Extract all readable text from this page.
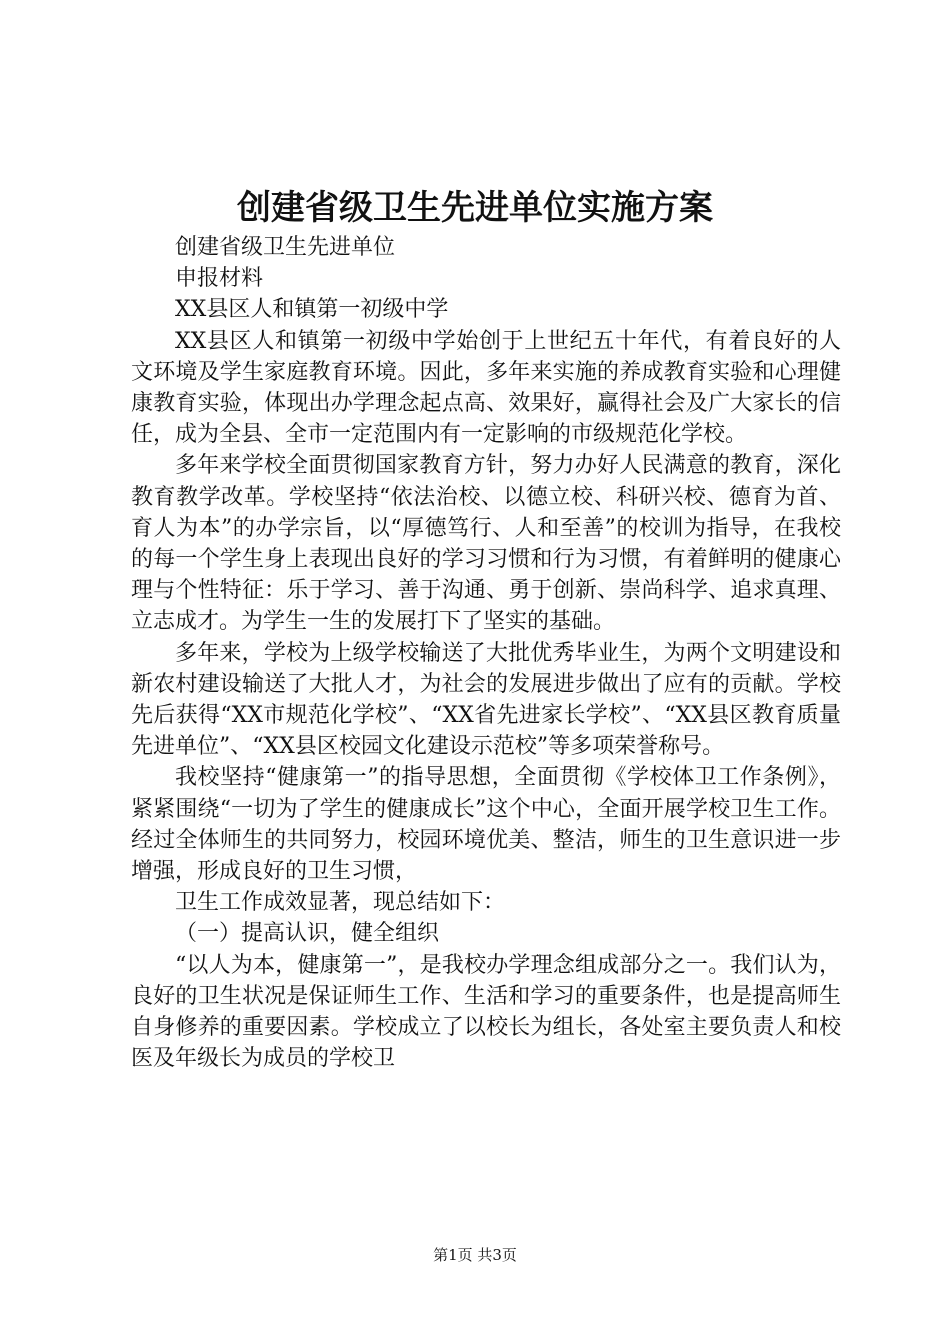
创建省级卫生先进单位实施方案

创建省级卫生先进单位

申报材料

XX县区人和镇第一初级中学

XX县区人和镇第一初级中学始创于上世纪五十年代，有着良好的人文环境及学生家庭教育环境。因此，多年来实施的养成教育实验和心理健康教育实验，体现出办学理念起点高、效果好，赢得社会及广大家长的信任，成为全县、全市一定范围内有一定影响的市级规范化学校。

多年来学校全面贯彻国家教育方针，努力办好人民满意的教育，深化教育教学改革。学校坚持“依法治校、以德立校、科研兴校、德育为首、育人为本”的办学宗旨，以“厚德笃行、人和至善”的校训为指导，在我校的每一个学生身上表现出良好的学习习惯和行为习惯，有着鲜明的健康心理与个性特征：乐于学习、善于沟通、勇于创新、崇尚科学、追求真理、立志成才。为学生一生的发展打下了坚实的基础。

多年来，学校为上级学校输送了大批优秀毕业生，为两个文明建设和新农村建设输送了大批人才，为社会的发展进步做出了应有的贡献。学校先后获得“XX市规范化学校”、“XX省先进家长学校”、“XX县区教育质量先进单位”、“XX县区校园文化建设示范校”等多项荣誉称号。

我校坚持“健康第一”的指导思想，全面贯彻《学校体卫工作条例》，紧紧围绕“一切为了学生的健康成长”这个中心，全面开展学校卫生工作。经过全体师生的共同努力，校园环境优美、整洁，师生的卫生意识进一步增强，形成良好的卫生习惯，

卫生工作成效显著，现总结如下：

（一）提高认识，健全组织

“以人为本，健康第一”，是我校办学理念组成部分之一。我们认为，良好的卫生状况是保证师生工作、生活和学习的重要条件，也是提高师生自身修养的重要因素。学校成立了以校长为组长，各处室主要负责人和校医及年级长为成员的学校卫

第1页 共3页
